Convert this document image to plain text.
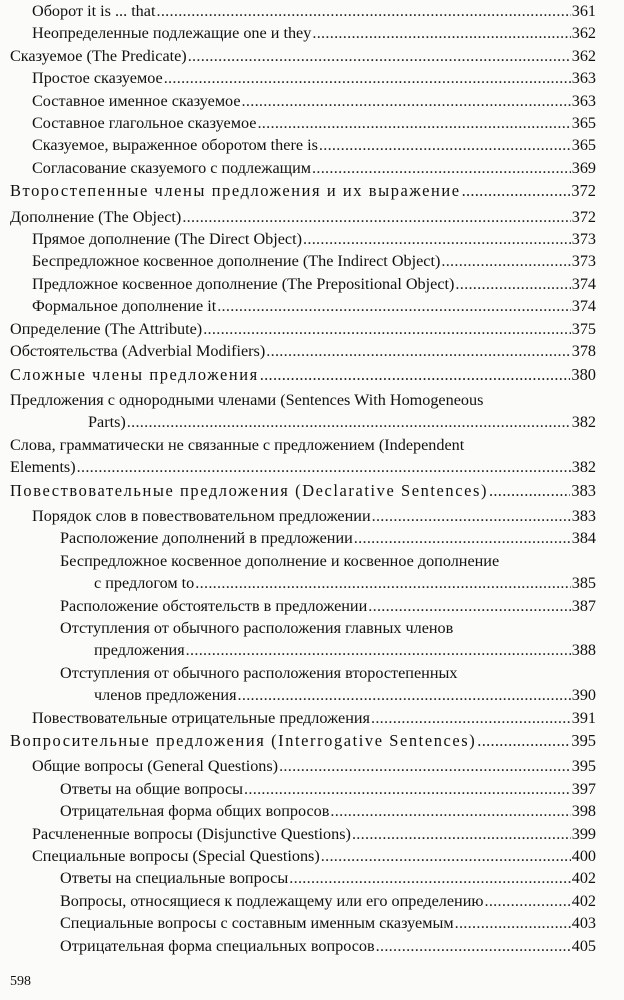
Оборот it is ... that .....	361
Неопределенные подлежащие one и they .....	362
Сказуемое (The Predicate) .....	362
Простое сказуемое .....	363
Составное именное сказуемое .....	363
Составное глагольное сказуемое .....	365
Сказуемое, выраженное оборотом there is .....	365
Согласование сказуемого с подлежащим .....	369
Второстепенные члены предложения и их выражение .....	372
Дополнение (The Object) .....	372
Прямое дополнение (The Direct Object) .....	373
Беспредложное косвенное дополнение (The Indirect Object) .....	373
Предложное косвенное дополнение (The Prepositional Object) .....	374
Формальное дополнение it .....	374
Определение (The Attribute) .....	375
Обстоятельства (Adverbial Modifiers) .....	378
Сложные члены предложения .....	380
Предложения с однородными членами (Sentences With Homogeneous
Parts) .....	382
Слова, грамматически не связанные с предложением (Independent
Elements) .....	382
Повествовательные предложения (Declarative Sentences) .....	383
Порядок слов в повествовательном предложении .....	383
Расположение дополнений в предложении .....	384
Беспредложное косвенное дополнение и косвенное дополнение
с предлогом to .....	385
Расположение обстоятельств в предложении .....	387
Отступления от обычного расположения главных членов
предложения .....	388
Отступления от обычного расположения второстепенных
членов предложения .....	390
Повествовательные отрицательные предложения .....	391
Вопросительные предложения (Interrogative Sentences) .....	395
Общие вопросы (General Questions) .....	395
Ответы на общие вопросы .....	397
Отрицательная форма общих вопросов .....	398
Расчлененные вопросы (Disjunctive Questions) .....	399
Специальные вопросы (Special Questions) .....	400
Ответы на специальные вопросы .....	402
Вопросы, относящиеся к подлежащему или его определению .....	402
Специальные вопросы с составным именным сказуемым .....	403
Отрицательная форма специальных вопросов .....	405
598
